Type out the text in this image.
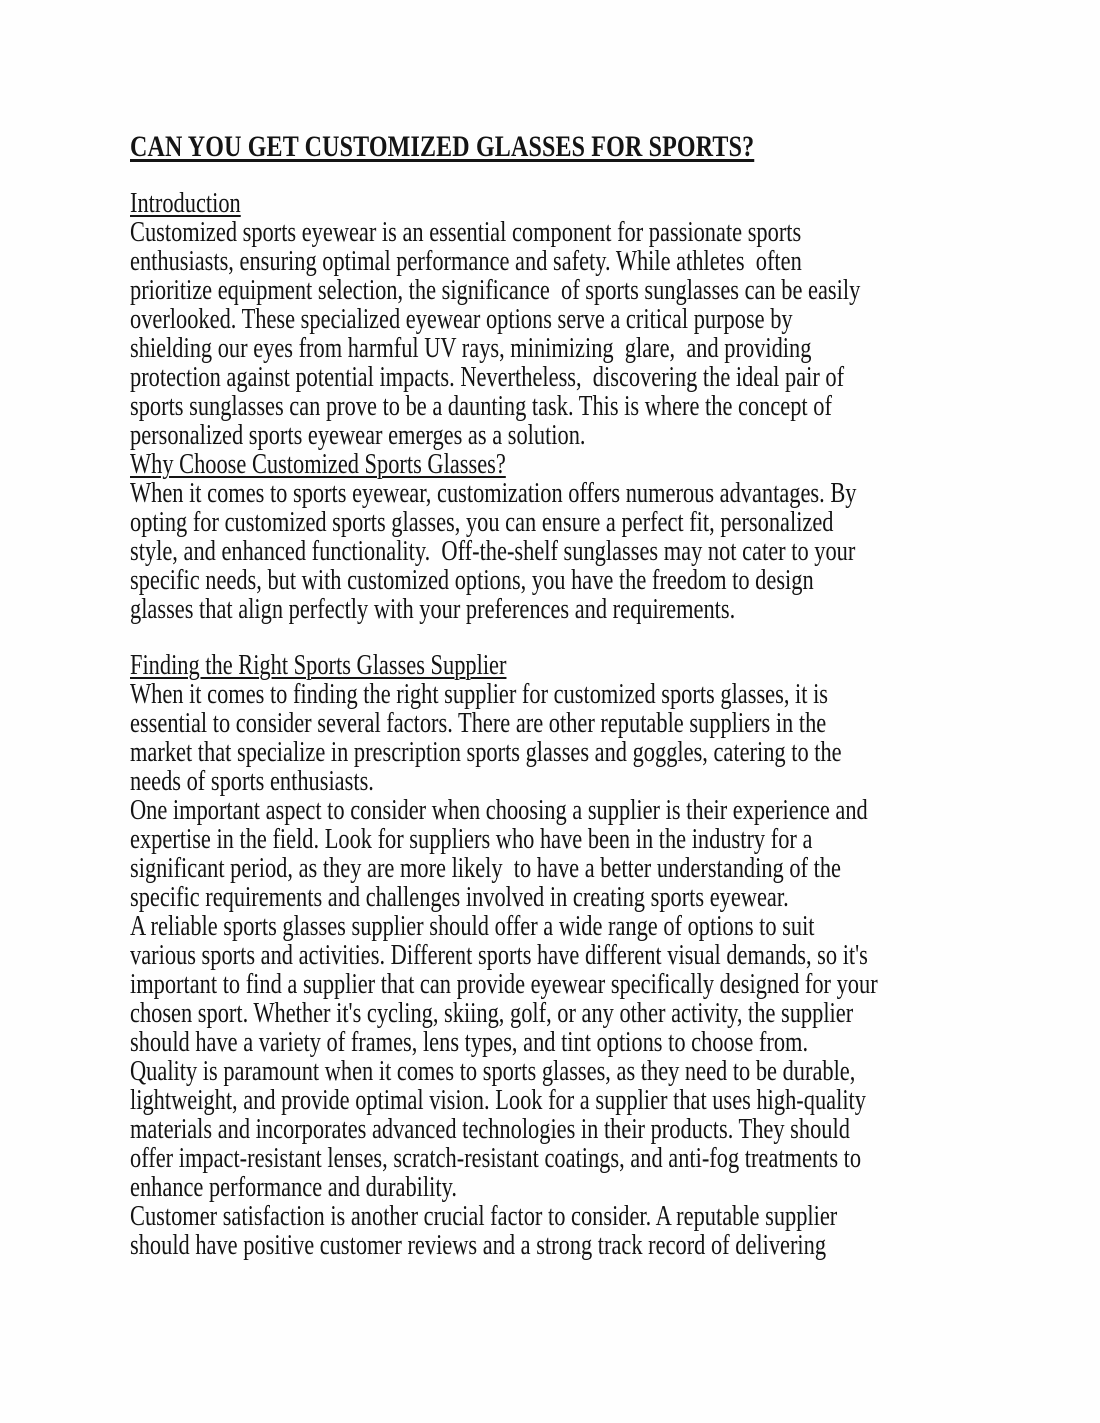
CAN YOU GET CUSTOMIZED GLASSES FOR SPORTS?
Introduction
Customized sports eyewear is an essential component for passionate sports
enthusiasts, ensuring optimal performance and safety. While athletes  often
prioritize equipment selection, the significance  of sports sunglasses can be easily
overlooked. These specialized eyewear options serve a critical purpose by
shielding our eyes from harmful UV rays, minimizing  glare,  and providing
protection against potential impacts. Nevertheless,  discovering the ideal pair of
sports sunglasses can prove to be a daunting task. This is where the concept of
personalized sports eyewear emerges as a solution.
Why Choose Customized Sports Glasses?
When it comes to sports eyewear, customization offers numerous advantages. By
opting for customized sports glasses, you can ensure a perfect fit, personalized
style, and enhanced functionality.  Off-the-shelf sunglasses may not cater to your
specific needs, but with customized options, you have the freedom to design
glasses that align perfectly with your preferences and requirements.
Finding the Right Sports Glasses Supplier
When it comes to finding the right supplier for customized sports glasses, it is
essential to consider several factors. There are other reputable suppliers in the
market that specialize in prescription sports glasses and goggles, catering to the
needs of sports enthusiasts.
One important aspect to consider when choosing a supplier is their experience and
expertise in the field. Look for suppliers who have been in the industry for a
significant period, as they are more likely  to have a better understanding of the
specific requirements and challenges involved in creating sports eyewear.
A reliable sports glasses supplier should offer a wide range of options to suit
various sports and activities. Different sports have different visual demands, so it's
important to find a supplier that can provide eyewear specifically designed for your
chosen sport. Whether it's cycling, skiing, golf, or any other activity, the supplier
should have a variety of frames, lens types, and tint options to choose from.
Quality is paramount when it comes to sports glasses, as they need to be durable,
lightweight, and provide optimal vision. Look for a supplier that uses high-quality
materials and incorporates advanced technologies in their products. They should
offer impact-resistant lenses, scratch-resistant coatings, and anti-fog treatments to
enhance performance and durability.
Customer satisfaction is another crucial factor to consider. A reputable supplier
should have positive customer reviews and a strong track record of delivering
